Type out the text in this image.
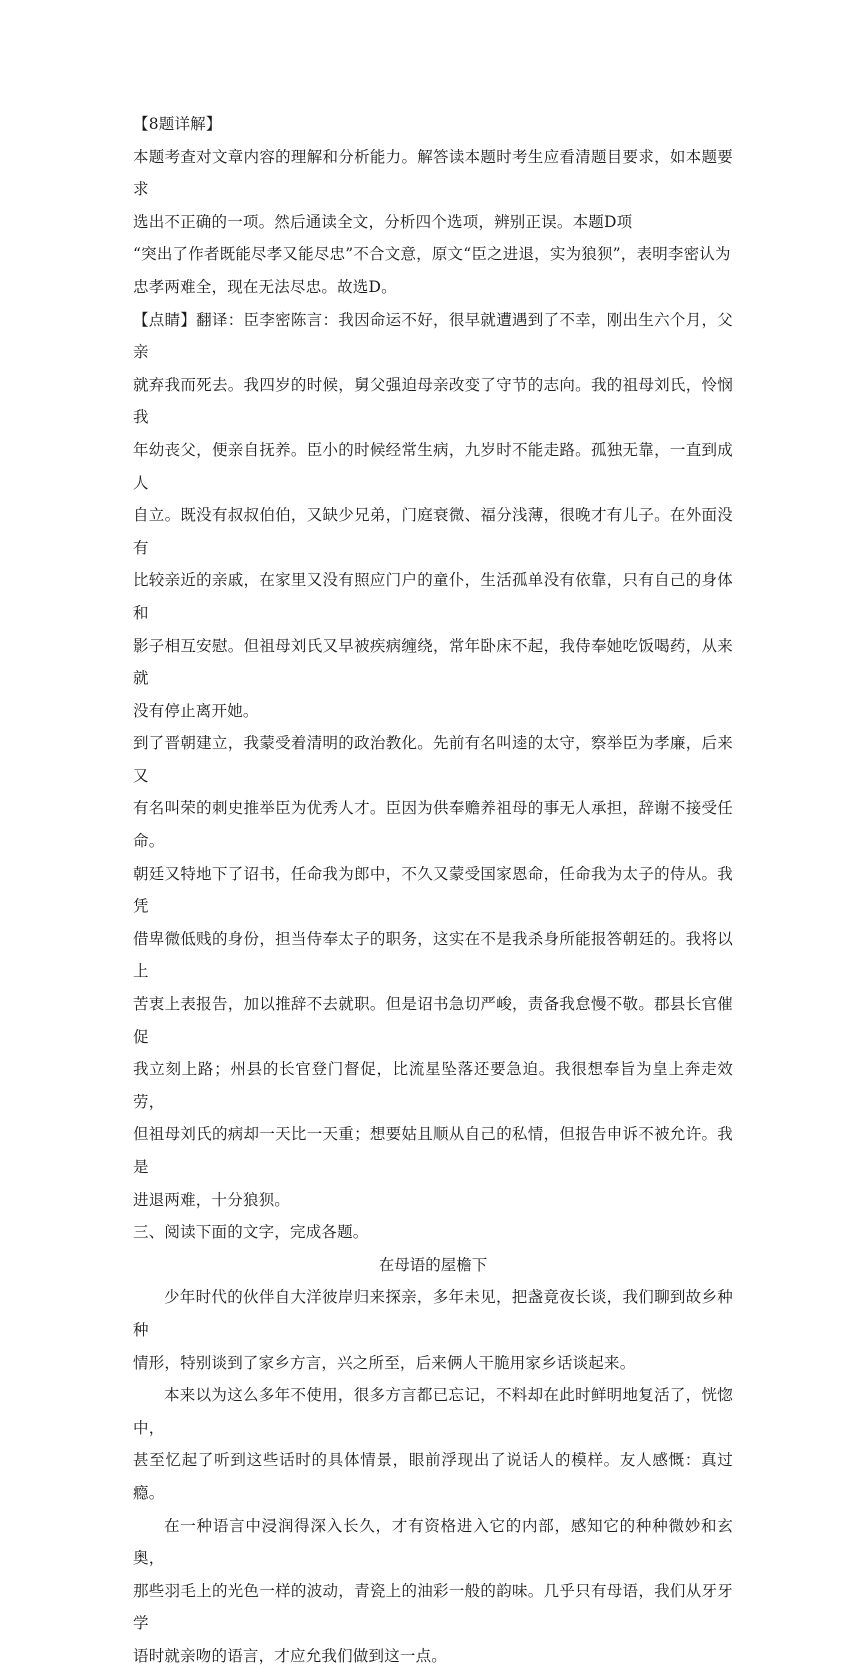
【8题详解】

本题考查对文章内容的理解和分析能力。解答读本题时考生应看清题目要求，如本题要求
选出不正确的一项。然后通读全文，分析四个选项，辨别正误。本题D项
“突出了作者既能尽孝又能尽忠”不合文意，原文“臣之进退，实为狼狈”，表明李密认为
忠孝两难全，现在无法尽忠。故选D。

【点睛】翻译：臣李密陈言：我因命运不好，很早就遭遇到了不幸，刚出生六个月，父亲
就弃我而死去。我四岁的时候，舅父强迫母亲改变了守节的志向。我的祖母刘氏，怜悯我
年幼丧父，便亲自抚养。臣小的时候经常生病，九岁时不能走路。孤独无靠，一直到成人
自立。既没有叔叔伯伯，又缺少兄弟，门庭衰微、福分浅薄，很晚才有儿子。在外面没有
比较亲近的亲戚，在家里又没有照应门户的童仆，生活孤单没有依靠，只有自己的身体和
影子相互安慰。但祖母刘氏又早被疾病缠绕，常年卧床不起，我侍奉她吃饭喝药，从来就
没有停止离开她。

到了晋朝建立，我蒙受着清明的政治教化。先前有名叫逵的太守，察举臣为孝廉，后来又
有名叫荣的刺史推举臣为优秀人才。臣因为供奉赡养祖母的事无人承担，辞谢不接受任命。
朝廷又特地下了诏书，任命我为郎中，不久又蒙受国家恩命，任命我为太子的侍从。我凭
借卑微低贱的身份，担当侍奉太子的职务，这实在不是我杀身所能报答朝廷的。我将以上
苦衷上表报告，加以推辞不去就职。但是诏书急切严峻，责备我怠慢不敬。郡县长官催促
我立刻上路；州县的长官登门督促，比流星坠落还要急迫。我很想奉旨为皇上奔走效劳，
但祖母刘氏的病却一天比一天重；想要姑且顺从自己的私情，但报告申诉不被允许。我是
进退两难，十分狼狈。

三、阅读下面的文字，完成各题。

在母语的屋檐下

少年时代的伙伴自大洋彼岸归来探亲，多年未见，把盏竟夜长谈，我们聊到故乡种种
情形，特别谈到了家乡方言，兴之所至，后来俩人干脆用家乡话谈起来。

本来以为这么多年不使用，很多方言都已忘记，不料却在此时鲜明地复活了，恍惚中，
甚至忆起了听到这些话时的具体情景，眼前浮现出了说话人的模样。友人感慨：真过瘾。

在一种语言中浸润得深入长久，才有资格进入它的内部，感知它的种种微妙和玄奥，
那些羽毛上的光色一样的波动，青瓷上的油彩一般的韵味。几乎只有母语，我们从牙牙学
语时就亲吻的语言，才应允我们做到这一点。
